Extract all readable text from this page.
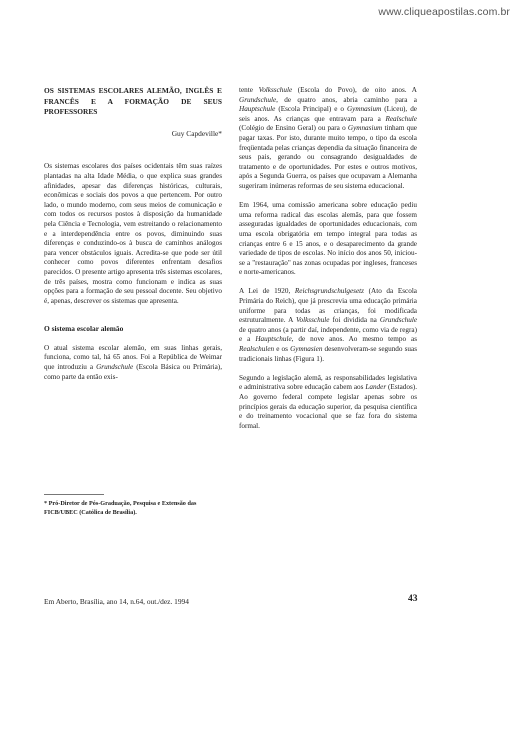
www.cliqueapostilas.com.br
OS SISTEMAS ESCOLARES ALEMÃO, INGLÊS E FRANCÊS E A FORMAÇÃO DE SEUS PROFESSORES
Guy Capdeville*

Os sistemas escolares dos países ocidentais têm suas raízes plantadas na alta Idade Média, o que explica suas grandes afinidades, apesar das diferenças históricas, culturais, econômicas e sociais dos povos a que pertencem. Por outro lado, o mundo moderno, com seus meios de comunicação e com todos os recursos postos à disposição da humanidade pela Ciência e Tecnologia, vem estreitando o relacionamento e a interdependência entre os povos, diminuindo suas diferenças e conduzindo-os à busca de caminhos análogos para vencer obstáculos iguais. Acredita-se que pode ser útil conhecer como povos diferentes enfrentam desafios parecidos. O presente artigo apresenta três sistemas escolares, de três países, mostra como funcionam e indica as suas opções para a formação de seu pessoal docente. Seu objetivo é, apenas, descrever os sistemas que apresenta.

O sistema escolar alemão

O atual sistema escolar alemão, em suas linhas gerais, funciona, como tal, há 65 anos. Foi a República de Weimar que introduziu a Grundschule (Escola Básica ou Primária), como parte da então exis-

* Pró-Diretor de Pós-Graduação, Pesquisa e Extensão das FICB/UBEC (Católica de Brasília).

tente Volksschule (Escola do Povo), de oito anos. A Grundschule, de quatro anos, abria caminho para a Hauptschule (Escola Principal) e o Gymnasium (Liceu), de seis anos. As crianças que entravam para a Realschule (Colégio de Ensino Geral) ou para o Gymnasium tinham que pagar taxas. Por isto, durante muito tempo, o tipo da escola freqüentada pelas crianças dependia da situação financeira de seus pais, gerando ou consagrando desigualdades de tratamento e de oportunidades. Por estes e outros motivos, após a Segunda Guerra, os países que ocupavam a Alemanha sugeriram inúmeras reformas de seu sistema educacional.

Em 1964, uma comissão americana sobre educação pediu uma reforma radical das escolas alemãs, para que fossem asseguradas igualdades de oportunidades educacionais, com uma escola obrigatória em tempo integral para todas as crianças entre 6 e 15 anos, e o desaparecimento da grande variedade de tipos de escolas. No início dos anos 50, iniciou-se a "restauração" nas zonas ocupadas por ingleses, franceses e norte-americanos.

A Lei de 1920, Reichsgrundschulgesetz (Ato da Escola Primária do Reich), que já prescrevia uma educação primária uniforme para todas as crianças, foi modificada estruturalmente. A Volksschule foi dividida na Grundschule de quatro anos (a partir daí, independente, como via de regra) e a Hauptschule, de nove anos. Ao mesmo tempo as Realschulen e os Gymnasien desenvolveram-se segundo suas tradicionais linhas (Figura 1).

Segundo a legislação alemã, as responsabilidades legislativa e administrativa sobre educação cabem aos Lander (Estados). Ao governo federal compete legislar apenas sobre os princípios gerais da educação superior, da pesquisa científica e do treinamento vocacional que se faz fora do sistema formal.

Em Aberto, Brasília, ano 14, n.64, out./dez. 1994	43
